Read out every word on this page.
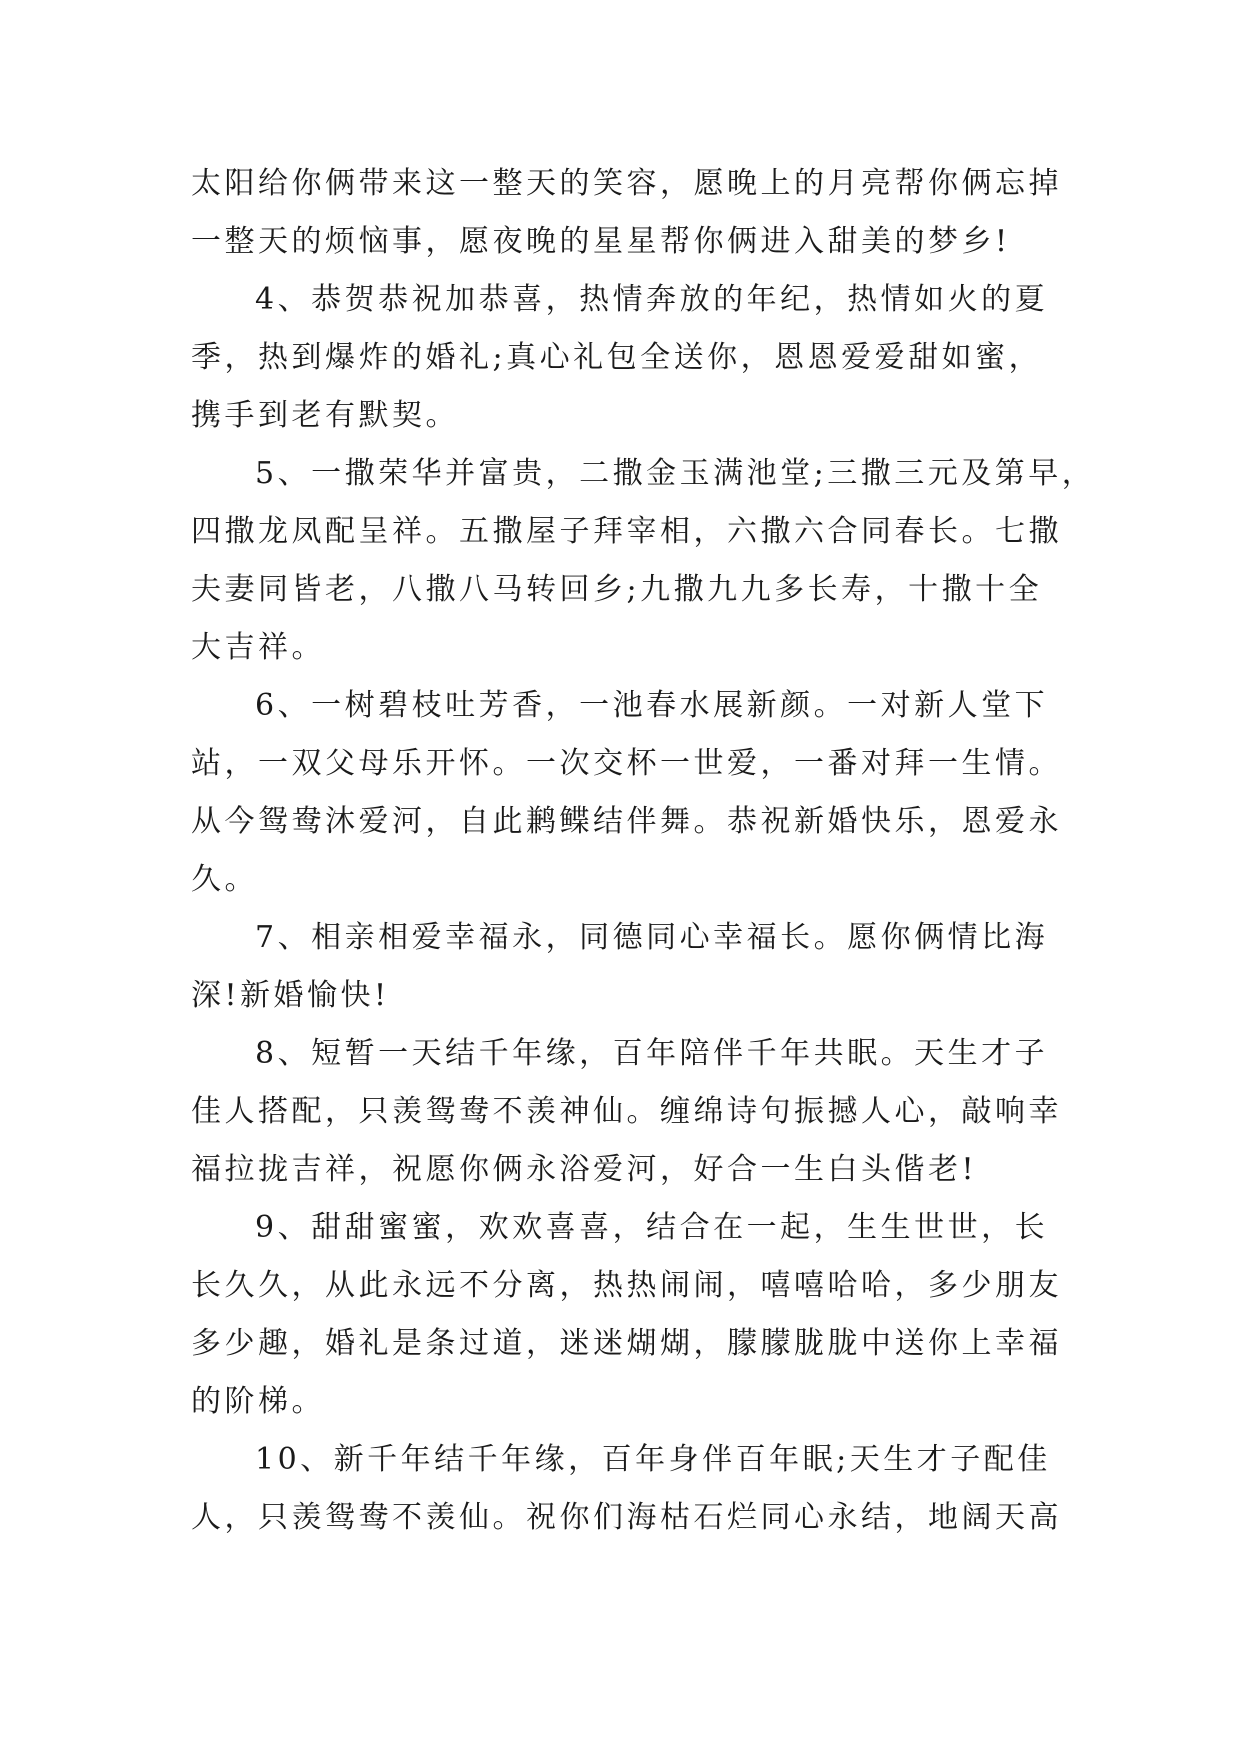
太阳给你俩带来这一整天的笑容，愿晚上的月亮帮你俩忘掉
一整天的烦恼事，愿夜晚的星星帮你俩进入甜美的梦乡!
4、恭贺恭祝加恭喜，热情奔放的年纪，热情如火的夏
季，热到爆炸的婚礼;真心礼包全送你，恩恩爱爱甜如蜜，
携手到老有默契。
5、一撒荣华并富贵，二撒金玉满池堂;三撒三元及第早，
四撒龙凤配呈祥。五撒屋子拜宰相，六撒六合同春长。七撒
夫妻同皆老，八撒八马转回乡;九撒九九多长寿，十撒十全
大吉祥。
6、一树碧枝吐芳香，一池春水展新颜。一对新人堂下
站，一双父母乐开怀。一次交杯一世爱，一番对拜一生情。
从今鸳鸯沐爱河，自此鹣鲽结伴舞。恭祝新婚快乐，恩爱永
久。
7、相亲相爱幸福永，同德同心幸福长。愿你俩情比海
深!新婚愉快!
8、短暂一天结千年缘，百年陪伴千年共眠。天生才子
佳人搭配，只羡鸳鸯不羡神仙。缠绵诗句振撼人心，敲响幸
福拉拢吉祥，祝愿你俩永浴爱河，好合一生白头偕老!
9、甜甜蜜蜜，欢欢喜喜，结合在一起，生生世世，长
长久久，从此永远不分离，热热闹闹，嘻嘻哈哈，多少朋友
多少趣，婚礼是条过道，迷迷煳煳，朦朦胧胧中送你上幸福
的阶梯。
10、新千年结千年缘，百年身伴百年眠;天生才子配佳
人，只羡鸳鸯不羡仙。祝你们海枯石烂同心永结，地阔天高
